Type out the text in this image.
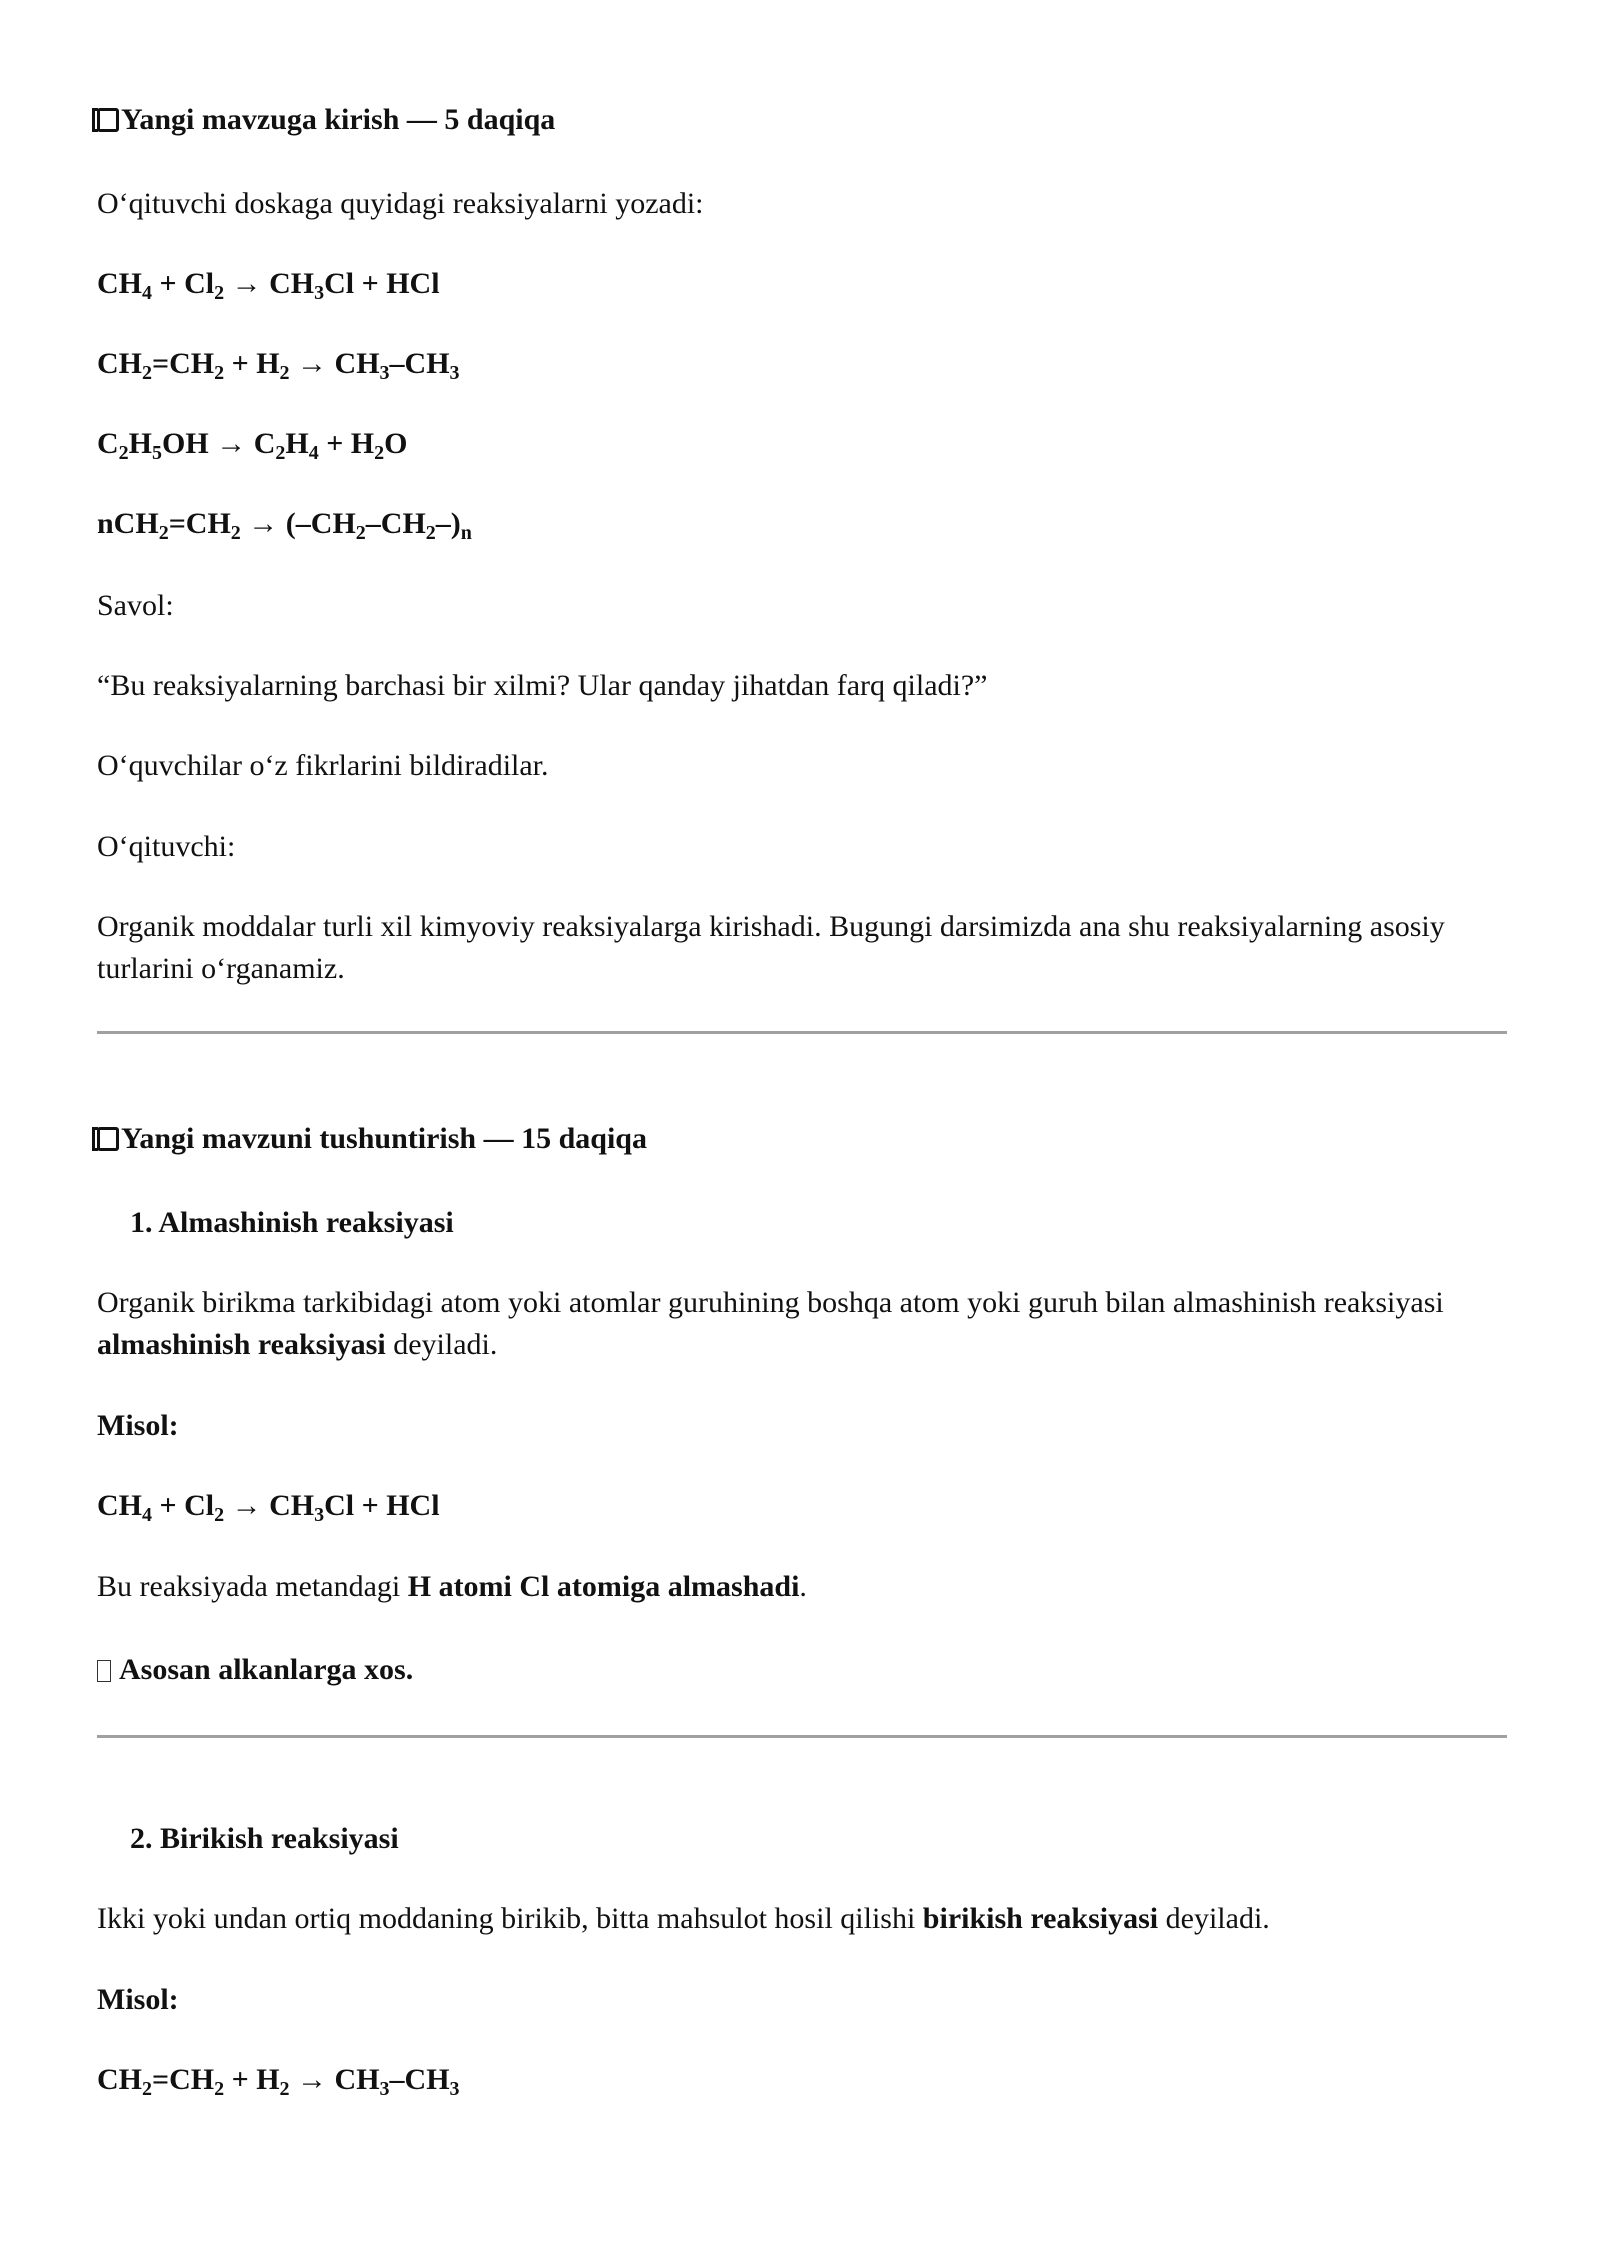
Yangi mavzuga kirish — 5 daqiqa
O‘qituvchi doskaga quyidagi reaksiyalarni yozadi:
$CH_4 + Cl_2 \to CH_3Cl$ + HCl
$CH_2=CH_2 + H_2 \to CH_3-CH_3$
$C_2H_5OH \to C_2H_4 + H_2O$
$nCH_2=CH_2 \to (-CH_2-CH_2-)_n$
Savol:
“Bu reaksiyalarning barchasi bir xilmi? Ular qanday jihatdan farq qiladi?”
O‘quvchilar o‘z fikrlarini bildiradilar.
O‘qituvchi:
Organik moddalar turli xil kimyoviy reaksiyalarga kirishadi. Bugungi darsimizda ana shu reaksiyalarning asosiy turlarini o‘rganamiz.
Yangi mavzuni tushuntirish — 15 daqiqa
1. Almashinish reaksiyasi
Organik birikma tarkibidagi atom yoki atomlar guruhining boshqa atom yoki guruh bilan almashinish reaksiyasi almashinish reaksiyasi deyiladi.
Misol:
$CH_4 + Cl_2 \to CH_3Cl$ + HCl
Bu reaksiyada metandagi H atomi Cl atomiga almashadi.
Asosan alkanlarga xos.
2. Birikish reaksiyasi
Ikki yoki undan ortiq moddaning birikib, bitta mahsulot hosil qilishi birikish reaksiyasi deyiladi.
Misol:
$CH_2=CH_2 + H_2 \to CH_3-CH_3$
